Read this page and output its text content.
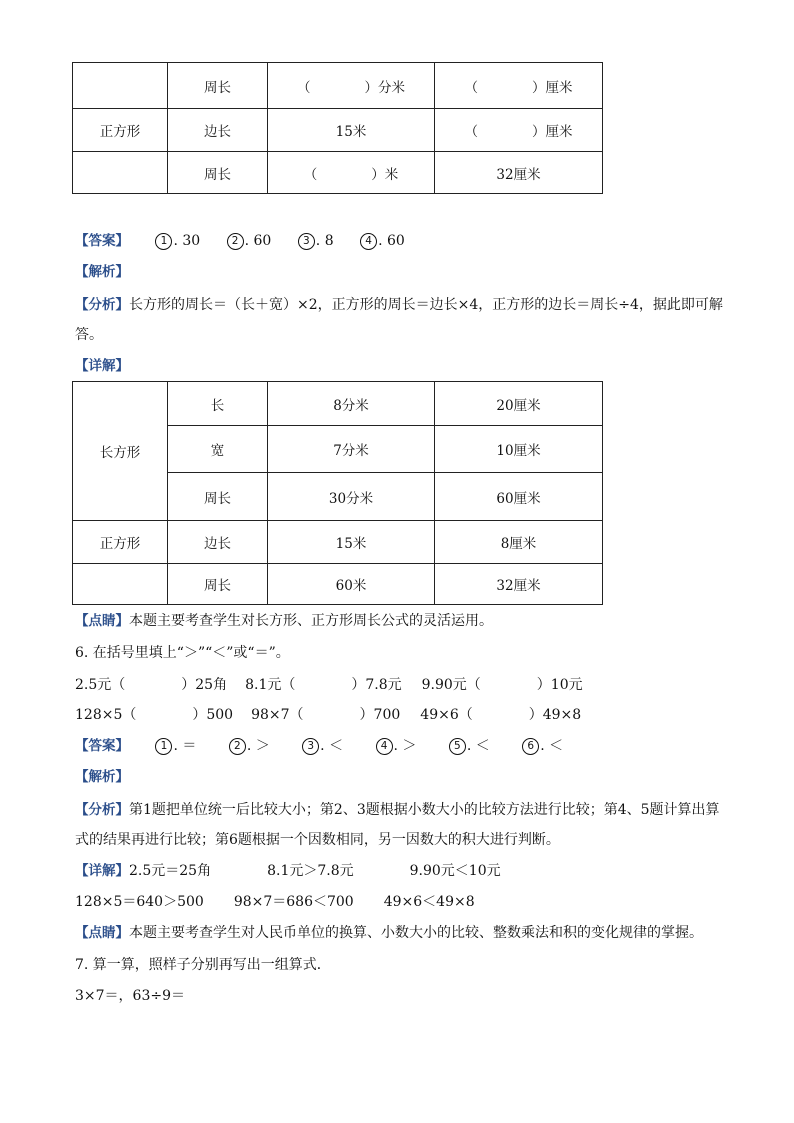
	周长	（　　　　）分米	（　　　　）厘米
正方形	边长	15米	（　　　　）厘米
	周长	（　　　　）米	32厘米
【答案】	1 . 30	2 . 60	3 . 8	4 . 60
【解析】
【分析】长方形的周长＝（长＋宽）×2，正方形的周长＝边长×4，正方形的边长＝周长÷4，据此即可解答。
【详解】
长方形	长	8分米	20厘米
	宽	7分米	10厘米
	周长	30分米	60厘米
正方形	边长	15米	8厘米
	周长	60米	32厘米
【点睛】本题主要考查学生对长方形、正方形周长公式的灵活运用。
6. 在括号里填上“＞”“＜”或“＝”。
2.5元（　　　　）25角 8.1元（　　　　）7.8元 9.90元（　　　　）10元
128×5（　　　　）500 98×7（　　　　）700 49×6（　　　　）49×8
【答案】	1 . ＝	2 . ＞	3 . ＜	4 . ＞	5 . ＜	6 . ＜
【解析】
【分析】第1题把单位统一后比较大小；第2、3题根据小数大小的比较方法进行比较；第4、5题计算出算式的结果再进行比较；第6题根据一个因数相同，另一因数大的积大进行判断。
【详解】2.5元＝25角	8.1元＞7.8元	9.90元＜10元
128×5＝640＞500 98×7＝686＜700 49×6＜49×8
【点睛】本题主要考查学生对人民币单位的换算、小数大小的比较、整数乘法和积的变化规律的掌握。
7. 算一算，照样子分别再写出一组算式．
3×7＝，63÷9＝
